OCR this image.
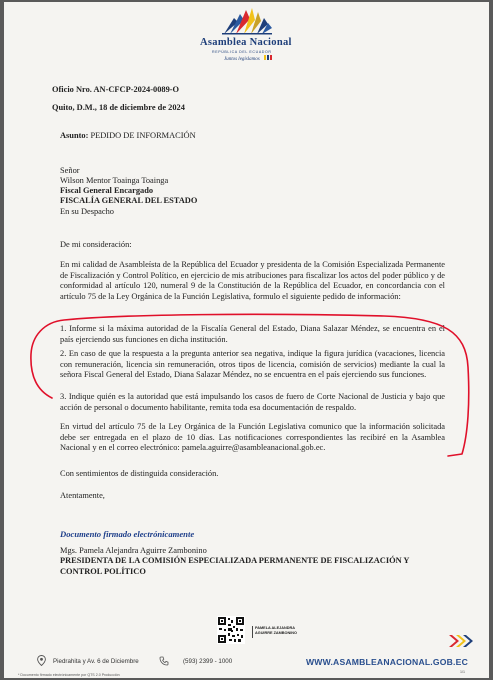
Asamblea Nacional
REPÚBLICA DEL ECUADOR
Juntos legislamos
Oficio Nro. AN-CFCP-2024-0089-O
Quito, D.M., 18 de diciembre de 2024
Asunto: PEDIDO DE INFORMACIÓN
Señor
Wilson Mentor Toainga Toainga
Fiscal General Encargado
FISCALÍA GENERAL DEL ESTADO
En su Despacho
De mi consideración:

En mi calidad de Asambleísta de la República del Ecuador y presidenta de la Comisión Especializada Permanente de Fiscalización y Control Político, en ejercicio de mis atribuciones para fiscalizar los actos del poder público y de conformidad al artículo 120, numeral 9 de la Constitución de la República del Ecuador, en concordancia con el artículo 75 de la Ley Orgánica de la Función Legislativa, formulo el siguiente pedido de información:

1. Informe si la máxima autoridad de la Fiscalía General del Estado, Diana Salazar Méndez, se encuentra en el país ejerciendo sus funciones en dicha institución.

2. En caso de que la respuesta a la pregunta anterior sea negativa, indique la figura jurídica (vacaciones, licencia con remuneración, licencia sin remuneración, otros tipos de licencia, comisión de servicios) mediante la cual la señora Fiscal General del Estado, Diana Salazar Méndez, no se encuentra en el país ejerciendo sus funciones.

3. Indique quién es la autoridad que está impulsando los casos de fuero de Corte Nacional de Justicia y bajo que acción de personal o documento habilitante, remita toda esa documentación de respaldo.

En virtud del artículo 75 de la Ley Orgánica de la Función Legislativa comunico que la información solicitada debe ser entregada en el plazo de 10 días. Las notificaciones correspondientes las recibiré en la Asamblea Nacional y en el correo electrónico: pamela.aguirre@asambleanacional.gob.ec.

Con sentimientos de distinguida consideración.
Atentamente,
Documento firmado electrónicamente
Mgs. Pamela Alejandra Aguirre Zambonino
PRESIDENTA DE LA COMISIÓN ESPECIALIZADA PERMANENTE DE FISCALIZACIÓN Y CONTROL POLÍTICO
PAMELA ALEJANDRA
AGUIRRE ZAMBONINO
Piedrahita y Av. 6 de Diciembre	(593) 2399 - 1000	WWW.ASAMBLEANACIONAL.GOB.EC
* Documento firmado electrónicamente por QTS 2.0 Producción
1/1
